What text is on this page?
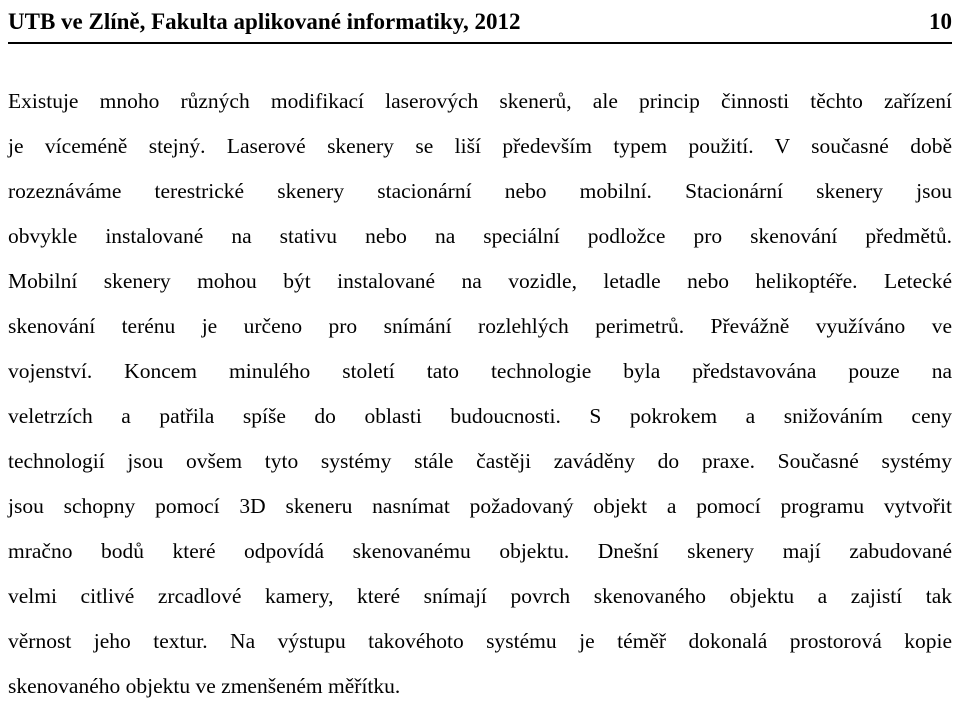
UTB ve Zlíně, Fakulta aplikované informatiky, 2012	10
Existuje mnoho různých modifikací laserových skenerů, ale princip činnosti těchto zařízení
je víceméně stejný. Laserové skenery se liší především typem použití. V současné době
rozeznáváme terestrické skenery stacionární nebo mobilní. Stacionární skenery jsou
obvykle instalované na stativu nebo na speciální podložce pro skenování předmětů.
Mobilní skenery mohou být instalované na vozidle, letadle nebo helikoptéře. Letecké
skenování terénu je určeno pro snímání rozlehlých perimetrů. Převážně využíváno ve
vojenství. Koncem minulého století tato technologie byla představována pouze na
veletrzích a patřila spíše do oblasti budoucnosti. S pokrokem a snižováním ceny
technologií jsou ovšem tyto systémy stále častěji zaváděny do praxe. Současné systémy
jsou schopny pomocí 3D skeneru nasnímat požadovaný objekt a pomocí programu vytvořit
mračno bodů které odpovídá skenovanému objektu. Dnešní skenery mají zabudované
velmi citlivé zrcadlové kamery, které snímají povrch skenovaného objektu a zajistí tak
věrnost jeho textur. Na výstupu takovéhoto systému je téměř dokonalá prostorová kopie
skenovaného objektu ve zmenšeném měřítku.
